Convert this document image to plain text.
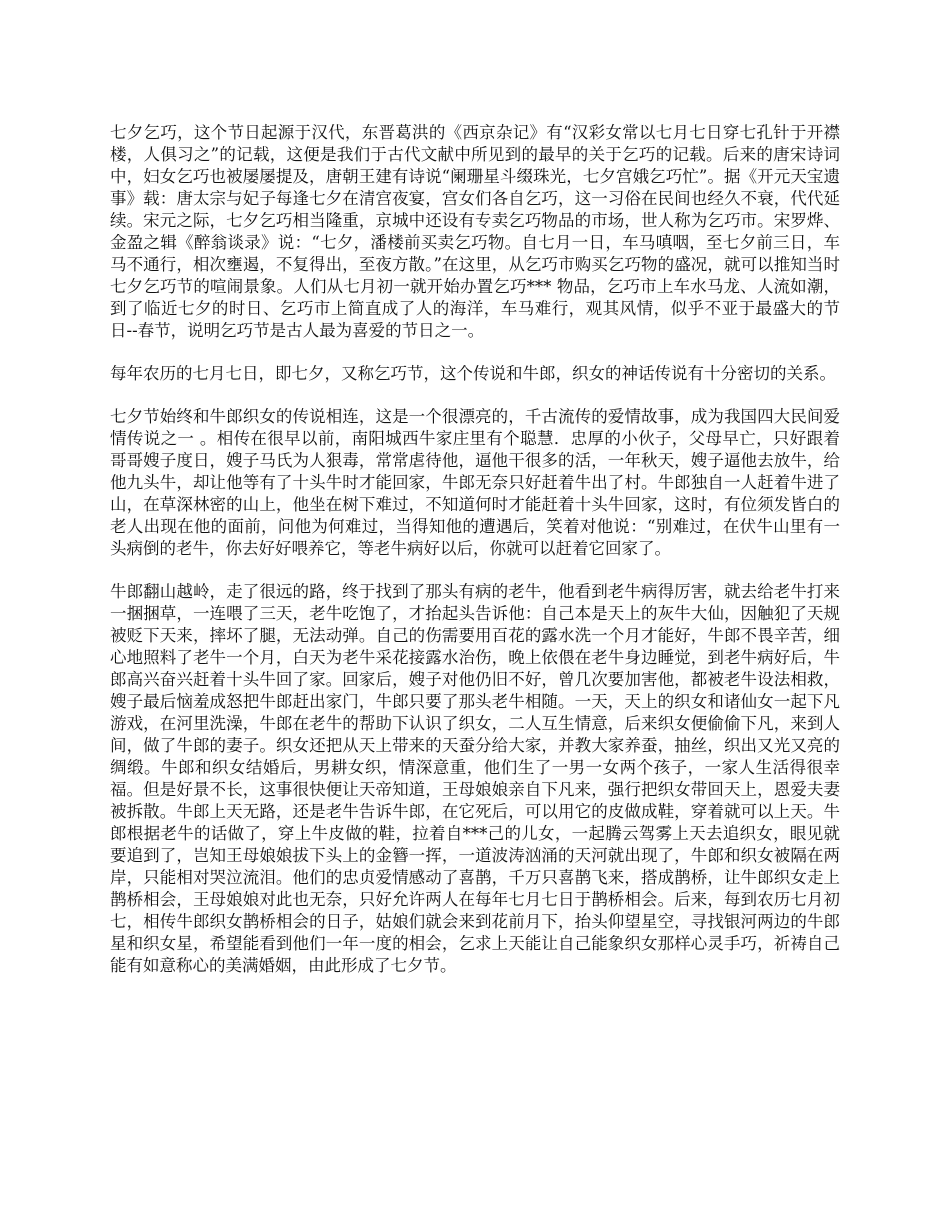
七夕乞巧，这个节日起源于汉代，东晋葛洪的《西京杂记》有“汉彩女常以七月七日穿七孔针于开襟楼，人俱习之”的记载，这便是我们于古代文献中所见到的最早的关于乞巧的记载。后来的唐宋诗词中，妇女乞巧也被屡屡提及，唐朝王建有诗说“阑珊星斗缀珠光，七夕宫娥乞巧忙”。据《开元天宝遗事》载：唐太宗与妃子每逢七夕在清宫夜宴，宫女们各自乞巧，这一习俗在民间也经久不衰，代代延续。宋元之际，七夕乞巧相当隆重，京城中还设有专卖乞巧物品的市场，世人称为乞巧市。宋罗烨、金盈之辑《醉翁谈录》说：“七夕，潘楼前买卖乞巧物。自七月一日，车马嗔咽，至七夕前三日，车马不通行，相次壅遏，不复得出，至夜方散。”在这里，从乞巧市购买乞巧物的盛况，就可以推知当时七夕乞巧节的喧闹景象。人们从七月初一就开始办置乞巧*** 物品，乞巧市上车水马龙、人流如潮，到了临近七夕的时日、乞巧市上简直成了人的海洋，车马难行，观其风情，似乎不亚于最盛大的节日--春节，说明乞巧节是古人最为喜爱的节日之一。

每年农历的七月七日，即七夕，又称乞巧节，这个传说和牛郎，织女的神话传说有十分密切的关系。

七夕节始终和牛郎织女的传说相连，这是一个很漂亮的，千古流传的爱情故事，成为我国四大民间爱情传说之一 。相传在很早以前，南阳城西牛家庄里有个聪慧．忠厚的小伙子，父母早亡，只好跟着哥哥嫂子度日，嫂子马氏为人狠毒，常常虐待他，逼他干很多的活，一年秋天，嫂子逼他去放牛，给他九头牛，却让他等有了十头牛时才能回家，牛郎无奈只好赶着牛出了村。牛郎独自一人赶着牛进了山，在草深林密的山上，他坐在树下难过，不知道何时才能赶着十头牛回家，这时，有位须发皆白的老人出现在他的面前，问他为何难过，当得知他的遭遇后，笑着对他说：“别难过，在伏牛山里有一头病倒的老牛，你去好好喂养它，等老牛病好以后，你就可以赶着它回家了。

牛郎翻山越岭，走了很远的路，终于找到了那头有病的老牛，他看到老牛病得厉害，就去给老牛打来一捆捆草，一连喂了三天，老牛吃饱了，才抬起头告诉他：自己本是天上的灰牛大仙，因触犯了天规被贬下天来，摔坏了腿，无法动弹。自己的伤需要用百花的露水洗一个月才能好，牛郎不畏辛苦，细心地照料了老牛一个月，白天为老牛采花接露水治伤，晚上依偎在老牛身边睡觉，到老牛病好后，牛郎高兴奋兴赶着十头牛回了家。回家后，嫂子对他仍旧不好，曾几次要加害他，都被老牛设法相救，嫂子最后恼羞成怒把牛郎赶出家门，牛郎只要了那头老牛相随。一天，天上的织女和诸仙女一起下凡游戏，在河里洗澡，牛郎在老牛的帮助下认识了织女，二人互生情意，后来织女便偷偷下凡，来到人间，做了牛郎的妻子。织女还把从天上带来的天蚕分给大家，并教大家养蚕，抽丝，织出又光又亮的绸缎。牛郎和织女结婚后，男耕女织，情深意重，他们生了一男一女两个孩子，一家人生活得很幸福。但是好景不长，这事很快便让天帝知道，王母娘娘亲自下凡来，强行把织女带回天上，恩爱夫妻被拆散。牛郎上天无路，还是老牛告诉牛郎，在它死后，可以用它的皮做成鞋，穿着就可以上天。牛郎根据老牛的话做了，穿上牛皮做的鞋，拉着自***己的儿女，一起腾云驾雾上天去追织女，眼见就要追到了，岂知王母娘娘拔下头上的金簪一挥，一道波涛汹涌的天河就出现了，牛郎和织女被隔在两岸，只能相对哭泣流泪。他们的忠贞爱情感动了喜鹊，千万只喜鹊飞来，搭成鹊桥，让牛郎织女走上鹊桥相会，王母娘娘对此也无奈，只好允许两人在每年七月七日于鹊桥相会。后来，每到农历七月初七，相传牛郎织女鹊桥相会的日子，姑娘们就会来到花前月下，抬头仰望星空，寻找银河两边的牛郎星和织女星，希望能看到他们一年一度的相会，乞求上天能让自己能象织女那样心灵手巧，祈祷自己能有如意称心的美满婚姻，由此形成了七夕节。
